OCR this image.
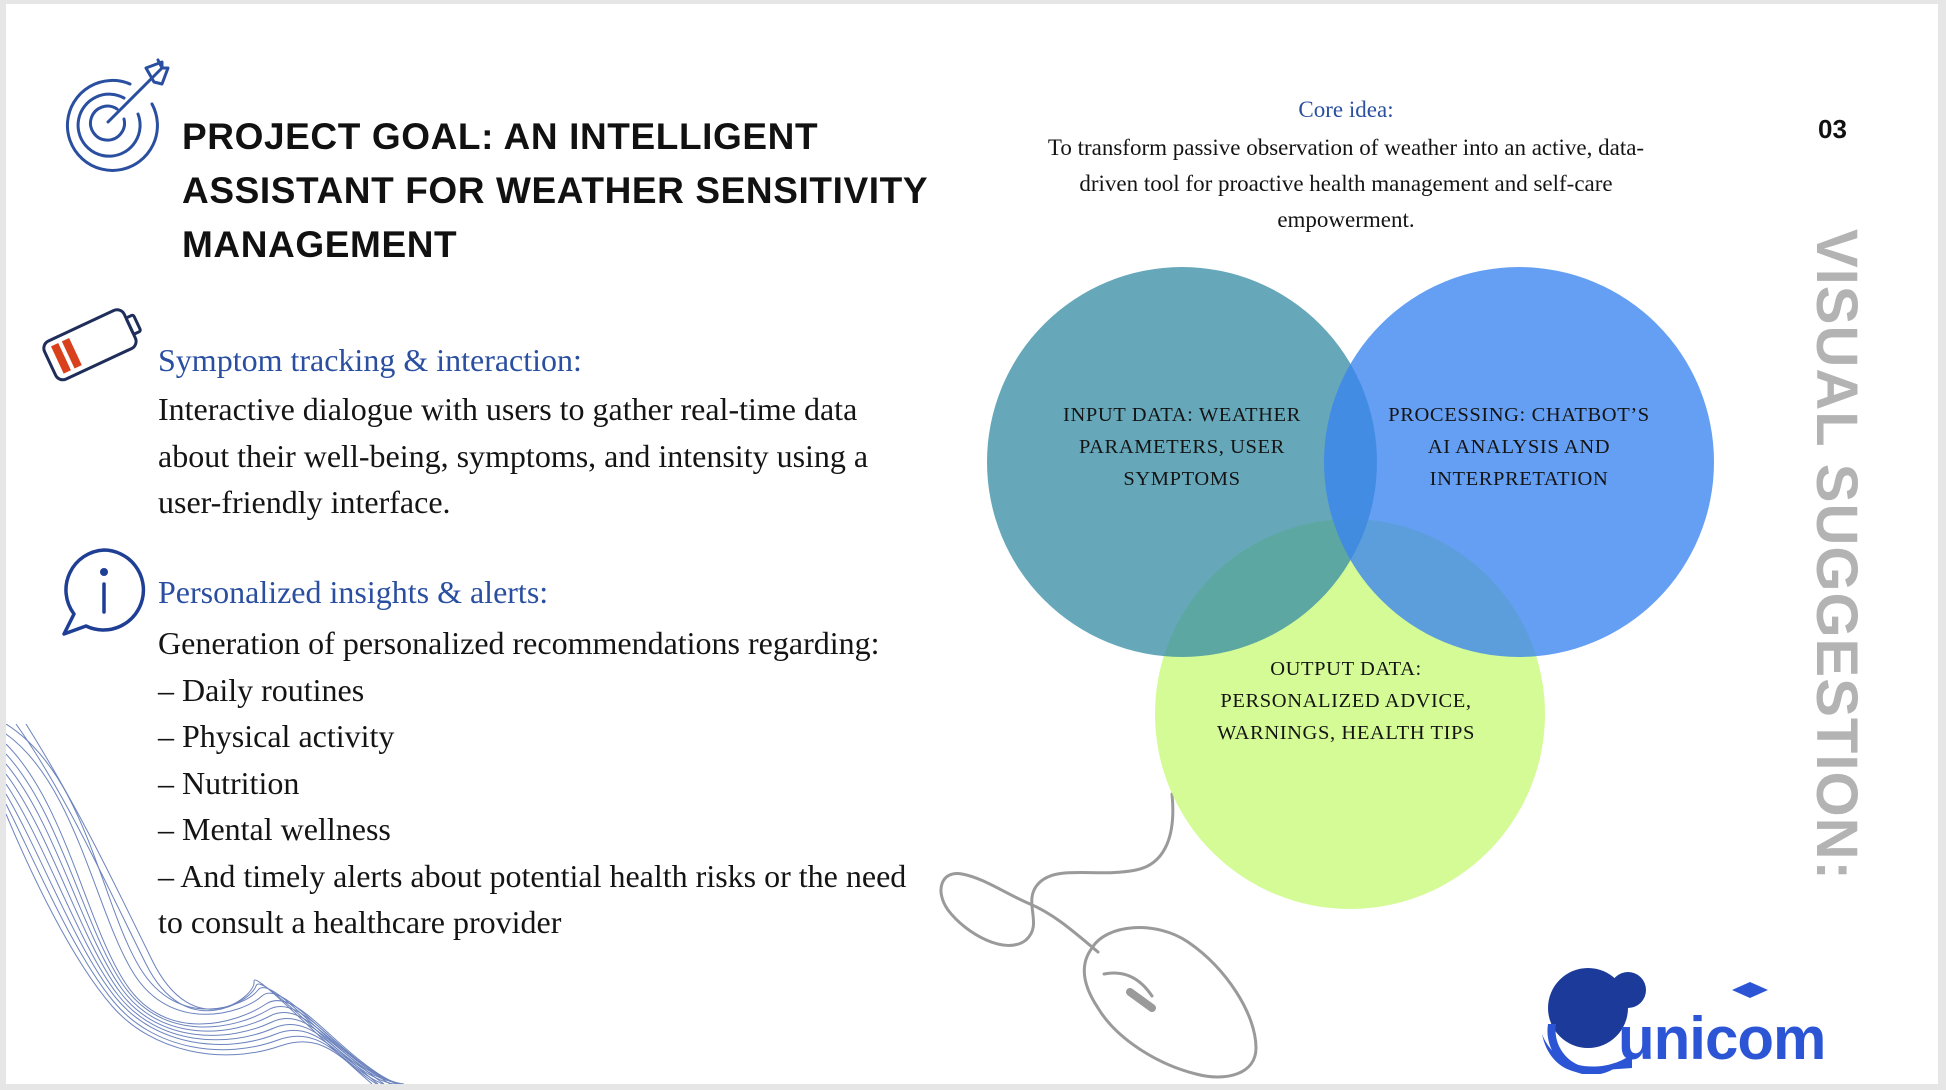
PROJECT GOAL: AN INTELLIGENT ASSISTANT FOR WEATHER SENSITIVITY MANAGEMENT
Symptom tracking & interaction:
Interactive dialogue with users to gather real-time data about their well-being, symptoms, and intensity using a user-friendly interface.
Personalized insights & alerts:
Generation of personalized recommendations regarding:
– Daily routines
– Physical activity
– Nutrition
– Mental wellness
– And timely alerts about potential health risks or the need to consult a healthcare provider
Core idea:
To transform passive observation of weather into an active, data-driven tool for proactive health management and self-care empowerment.
03
VISUAL SUGGESTION:
INPUT DATA: WEATHER PARAMETERS, USER SYMPTOMS
PROCESSING: CHATBOT’S AI ANALYSIS AND INTERPRETATION
OUTPUT DATA: PERSONALIZED ADVICE, WARNINGS, HEALTH TIPS
unicom
